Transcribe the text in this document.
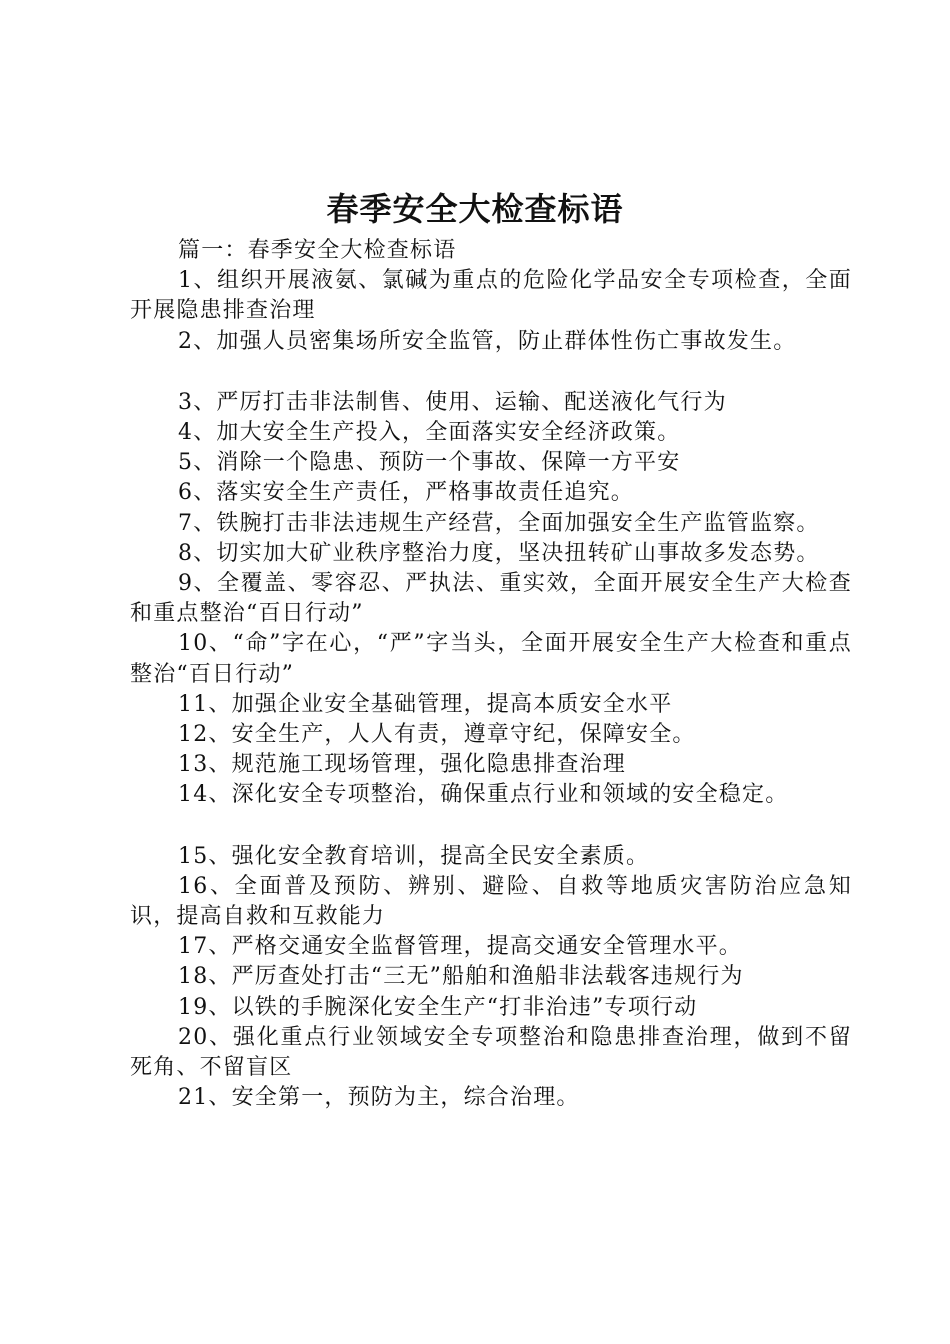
春季安全大检查标语

篇一：春季安全大检查标语

1、组织开展液氨、氯碱为重点的危险化学品安全专项检查，全面开展隐患排查治理

2、加强人员密集场所安全监管，防止群体性伤亡事故发生。

3、严厉打击非法制售、使用、运输、配送液化气行为

4、加大安全生产投入，全面落实安全经济政策。

5、消除一个隐患、预防一个事故、保障一方平安

6、落实安全生产责任，严格事故责任追究。

7、铁腕打击非法违规生产经营，全面加强安全生产监管监察。

8、切实加大矿业秩序整治力度，坚决扭转矿山事故多发态势。

9、全覆盖、零容忍、严执法、重实效，全面开展安全生产大检查和重点整治“百日行动”

10、“命”字在心，“严”字当头，全面开展安全生产大检查和重点整治“百日行动”

11、加强企业安全基础管理，提高本质安全水平

12、安全生产，人人有责，遵章守纪，保障安全。

13、规范施工现场管理，强化隐患排查治理

14、深化安全专项整治，确保重点行业和领域的安全稳定。

15、强化安全教育培训，提高全民安全素质。

16、全面普及预防、辨别、避险、自救等地质灾害防治应急知识，提高自救和互救能力

17、严格交通安全监督管理，提高交通安全管理水平。

18、严厉查处打击“三无”船舶和渔船非法载客违规行为

19、以铁的手腕深化安全生产“打非治违”专项行动

20、强化重点行业领域安全专项整治和隐患排查治理，做到不留死角、不留盲区

21、安全第一，预防为主，综合治理。
